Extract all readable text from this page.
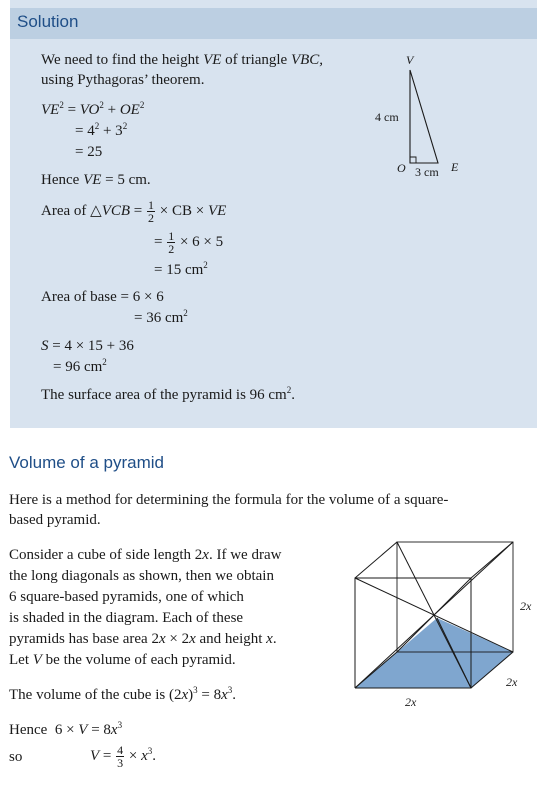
Solution
We need to find the height VE of triangle VBC,
using Pythagoras’ theorem.
$VE^2 = VO^2 + OE^2$
= $4^2 + 3^2$
= 25
Hence VE = 5 cm.
Area of △VCB = $\frac{1}{2}$ × CB × VE
= $\frac{1}{2} \times 6 \times 5$
= 15 $cm^2$
Area of base = 6 × 6
= 36 $cm^2$
S = 4 × 15 + 36
= 96 $cm^2$
The surface area of the pyramid is 96 $cm^2$.
V
O	E
4 cm
3 cm
Volume of a pyramid
Here is a method for determining the formula for the volume of a square-
based pyramid.
Consider a cube of side length 2x. If we draw
the long diagonals as shown, then we obtain
6 square-based pyramids, one of which
is shaded in the diagram. Each of these
pyramids has base area 2x × 2x and height x.
Let V be the volume of each pyramid.
The volume of the cube is $(2x)^3 = 8x^3$.
Hence $6 \times V = 8x^3$
so	$V = \frac{4}{3} \times x^3$.
2x
2x
2x
